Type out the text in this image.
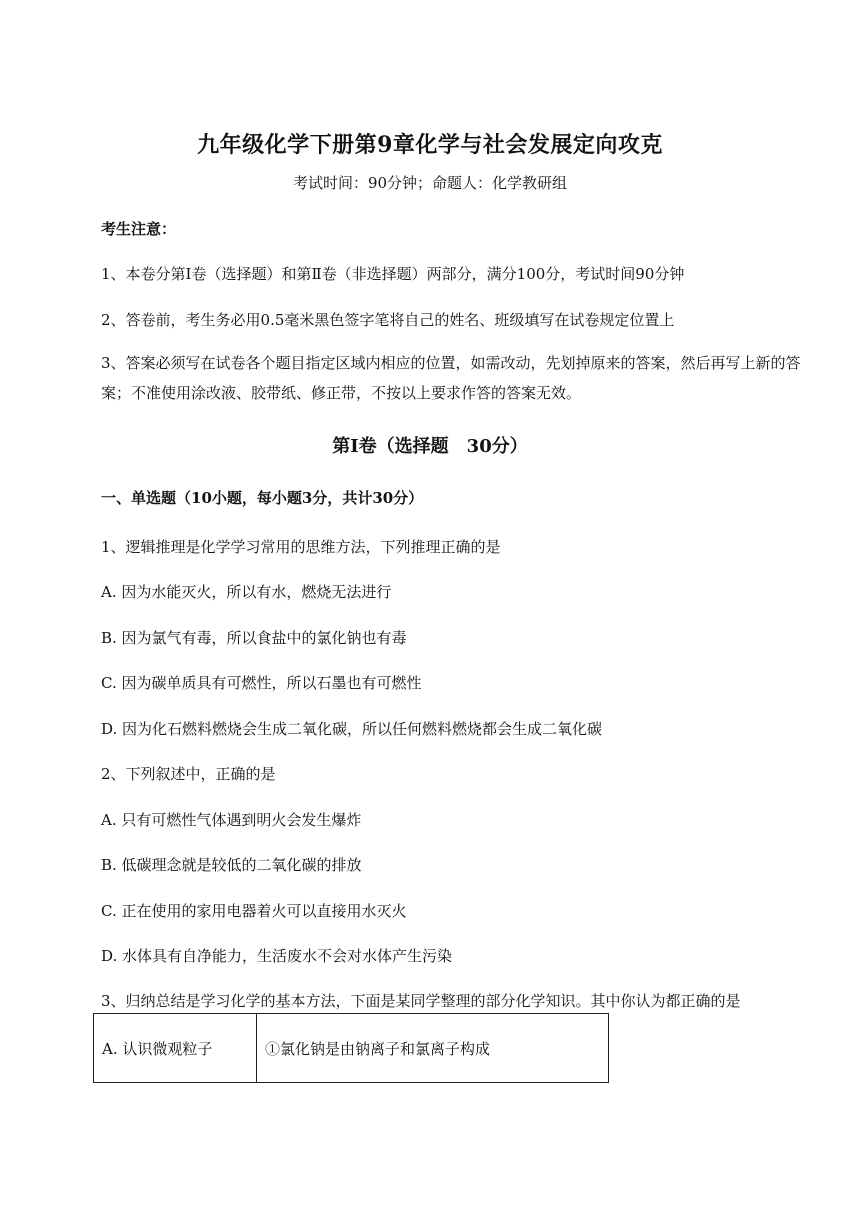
九年级化学下册第9章化学与社会发展定向攻克
考试时间：90分钟；命题人：化学教研组
考生注意：
1、本卷分第Ⅰ卷（选择题）和第Ⅱ卷（非选择题）两部分，满分100分，考试时间90分钟
2、答卷前，考生务必用0.5毫米黑色签字笔将自己的姓名、班级填写在试卷规定位置上
3、答案必须写在试卷各个题目指定区域内相应的位置，如需改动，先划掉原来的答案，然后再写上新的答案；不准使用涂改液、胶带纸、修正带，不按以上要求作答的答案无效。
第Ⅰ卷（选择题　30分）
一、单选题（10小题，每小题3分，共计30分）
1、逻辑推理是化学学习常用的思维方法，下列推理正确的是
A. 因为水能灭火，所以有水，燃烧无法进行
B. 因为氯气有毒，所以食盐中的氯化钠也有毒
C. 因为碳单质具有可燃性，所以石墨也有可燃性
D. 因为化石燃料燃烧会生成二氧化碳，所以任何燃料燃烧都会生成二氧化碳
2、下列叙述中，正确的是
A. 只有可燃性气体遇到明火会发生爆炸
B. 低碳理念就是较低的二氧化碳的排放
C. 正在使用的家用电器着火可以直接用水灭火
D. 水体具有自净能力，生活废水不会对水体产生污染
3、归纳总结是学习化学的基本方法，下面是某同学整理的部分化学知识。其中你认为都正确的是
A. 认识微观粒子	①氯化钠是由钠离子和氯离子构成
